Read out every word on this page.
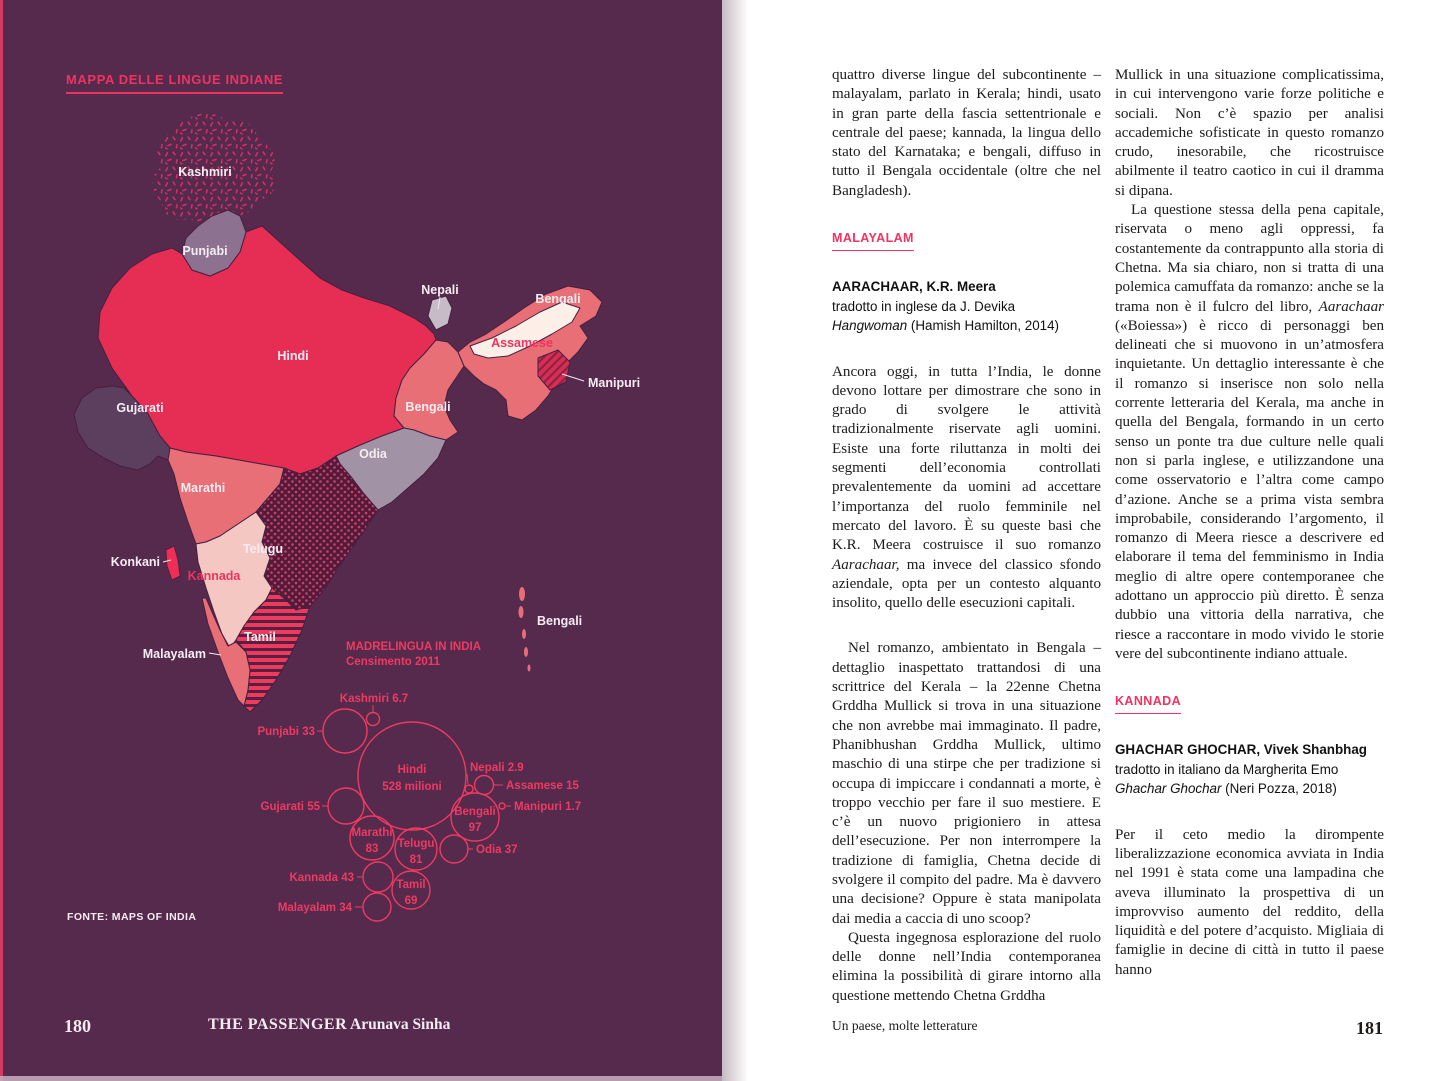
MAPPA DELLE LINGUE INDIANE
Kashmiri
Punjabi
Hindi
Nepali
Bengali
Assamese
Manipuri
Gujarati	Bengali
Odia
Marathi
Telugu
Konkani
Kannada
Tamil
Malayalam
Bengali
MADRELINGUA IN INDIA
Censimento 2011
Kashmiri 6.7
Punjabi 33
Hindi
528 milioni
Nepali 2.9
Assamese 15
Manipuri 1.7
Bengali
97
Gujarati 55
Marathi
83 Telugu
81
Odia 37
Kannada 43
Tamil
69
Malayalam 34
FONTE: MAPS OF INDIA
180	THE PASSENGER Arunava Sinha

quattro diverse lingue del subcontinente – malayalam, parlato in Kerala; hindi, usato in gran parte della fascia settentrionale e centrale del paese; kannada, la lingua dello stato del Karnataka; e bengali, diffuso in tutto il Bengala occidentale (oltre che nel Bangladesh).

MALAYALAM
AARACHAAR, K.R. Meera
tradotto in inglese da J. Devika
Hangwoman (Hamish Hamilton, 2014)

Ancora oggi, in tutta l’India, le donne devono lottare per dimostrare che sono in grado di svolgere le attività tradizionalmente riservate agli uomini. Esiste una forte riluttanza in molti dei segmenti dell’economia controllati prevalentemente da uomini ad accettare l’importanza del ruolo femminile nel mercato del lavoro. È su queste basi che K.R. Meera costruisce il suo romanzo Aarachaar, ma invece del classico sfondo aziendale, opta per un contesto alquanto insolito, quello delle esecuzioni capitali.

Nel romanzo, ambientato in Bengala – dettaglio inaspettato trattandosi di una scrittrice del Kerala – la 22enne Chetna Grddha Mullick si trova in una situazione che non avrebbe mai immaginato. Il padre, Phanibhushan Grddha Mullick, ultimo maschio di una stirpe che per tradizione si occupa di impiccare i condannati a morte, è troppo vecchio per fare il suo mestiere. E c’è un nuovo prigioniero in attesa dell’esecuzione. Per non interrompere la tradizione di famiglia, Chetna decide di svolgere il compito del padre. Ma è davvero una decisione? Oppure è stata manipolata dai media a caccia di uno scoop?

Questa ingegnosa esplorazione del ruolo delle donne nell’India contemporanea elimina la possibilità di girare intorno alla questione mettendo Chetna Grddha

Mullick in una situazione complicatissima, in cui intervengono varie forze politiche e sociali. Non c’è spazio per analisi accademiche sofisticate in questo romanzo crudo, inesorabile, che ricostruisce abilmente il teatro caotico in cui il dramma si dipana.

La questione stessa della pena capitale, riservata o meno agli oppressi, fa costantemente da contrappunto alla storia di Chetna. Ma sia chiaro, non si tratta di una polemica camuffata da romanzo: anche se la trama non è il fulcro del libro, Aarachaar («Boiessa») è ricco di personaggi ben delineati che si muovono in un’atmosfera inquietante. Un dettaglio interessante è che il romanzo si inserisce non solo nella corrente letteraria del Kerala, ma anche in quella del Bengala, formando in un certo senso un ponte tra due culture nelle quali non si parla inglese, e utilizzandone una come osservatorio e l’altra come campo d’azione. Anche se a prima vista sembra improbabile, considerando l’argomento, il romanzo di Meera riesce a descrivere ed elaborare il tema del femminismo in India meglio di altre opere contemporanee che adottano un approccio più diretto. È senza dubbio una vittoria della narrativa, che riesce a raccontare in modo vivido le storie vere del subcontinente indiano attuale.

KANNADA
GHACHAR GHOCHAR, Vivek Shanbhag
tradotto in italiano da Margherita Emo
Ghachar Ghochar (Neri Pozza, 2018)

Per il ceto medio la dirompente liberalizzazione economica avviata in India nel 1991 è stata come una lampadina che aveva illuminato la prospettiva di un improvviso aumento del reddito, della liquidità e del potere d’acquisto. Migliaia di famiglie in decine di città in tutto il paese hanno

Un paese, molte letterature	181
